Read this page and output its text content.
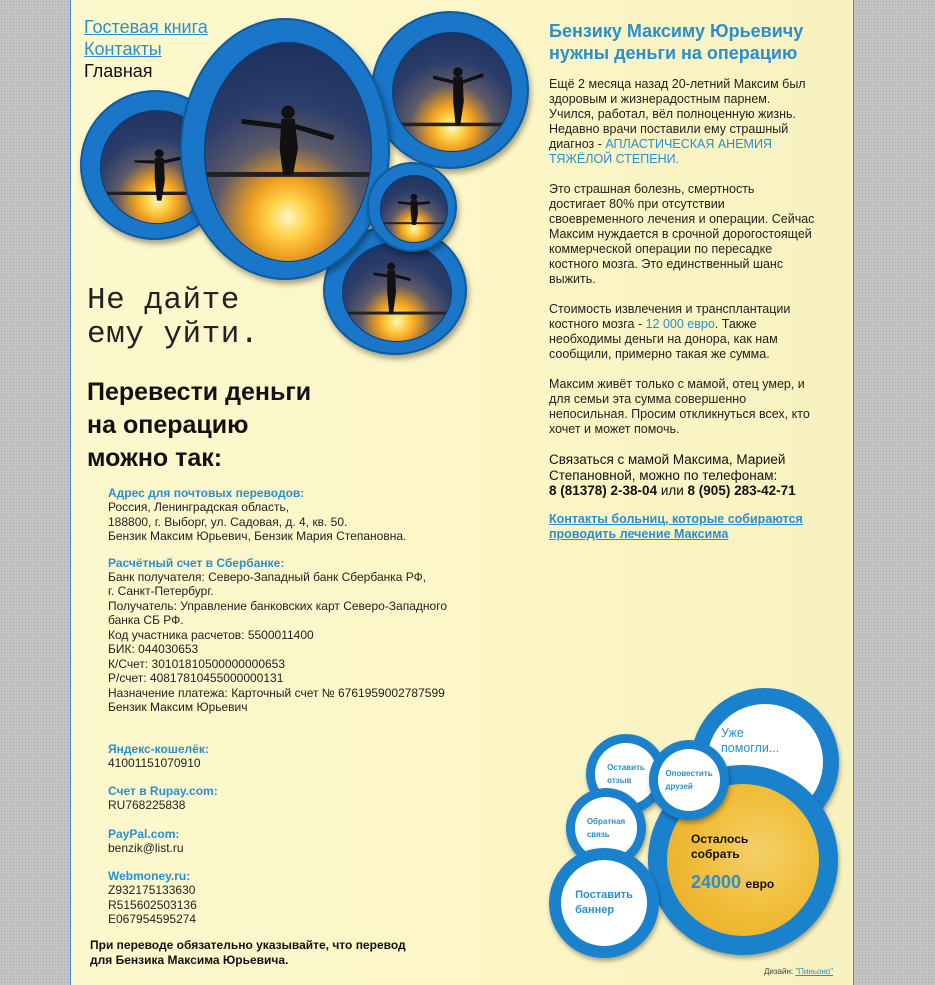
Гостевая книга
Контакты
Главная
Не дайте
ему уйти.
Перевести деньги
на операцию
можно так:
Адрес для почтовых переводов:
Россия, Ленинградская область,
188800, г. Выборг, ул. Садовая, д. 4, кв. 50.
Бензик Максим Юрьевич, Бензик Мария Степановна.
Расчётный счет в Сбербанке:
Банк получателя: Северо-Западный банк Сбербанка РФ,
г. Санкт-Петербург.
Получатель: Управление банковских карт Северо-Западного
банка СБ РФ.
Код участника расчетов: 5500011400
БИК: 044030653
К/Счет: 30101810500000000653
Р/счет: 40817810455000000131
Назначение платежа: Карточный счет № 6761959002787599
Бензик Максим Юрьевич
Яндекс-кошелёк:
41001151070910
Счет в Rupay.com:
RU768225838
PayPal.com:
benzik@list.ru
Webmoney.ru:
Z932175133630
R515602503136
E067954595274
При переводе обязательно указывайте, что перевод
для Бензика Максима Юрьевича.
Бензику Максиму Юрьевичу
нужны деньги на операцию
Ещё 2 месяца назад 20-летний Максим был
здоровым и жизнерадостным парнем.
Учился, работал, вёл полноценную жизнь.
Недавно врачи поставили ему страшный
диагноз - АПЛАСТИЧЕСКАЯ АНЕМИЯ
ТЯЖЁЛОЙ СТЕПЕНИ.
Это страшная болезнь, смертность
достигает 80% при отсутствии
своевременного лечения и операции. Сейчас
Максим нуждается в срочной дорогостоящей
коммерческой операции по пересадке
костного мозга. Это единственный шанс
выжить.
Стоимость извлечения и трансплантации
костного мозга - 12 000 евро. Также
необходимы деньги на донора, как нам
сообщили, примерно такая же сумма.
Максим живёт только с мамой, отец умер, и
для семьи эта сумма совершенно
непосильная. Просим откликнуться всех, кто
хочет и может помочь.
Связаться с мамой Максима, Марией
Степановной, можно по телефонам:
8 (81378) 2-38-04 или 8 (905) 283-42-71
Контакты больниц, которые собираются
проводить лечение Максима
Уже
помогли...
Оставить
отзыв
Обратная
связь	Осталось
собрать
24000 евро
Оповестить
друзей
Поставить
баннер
Дизайн: "Пиньоно"
